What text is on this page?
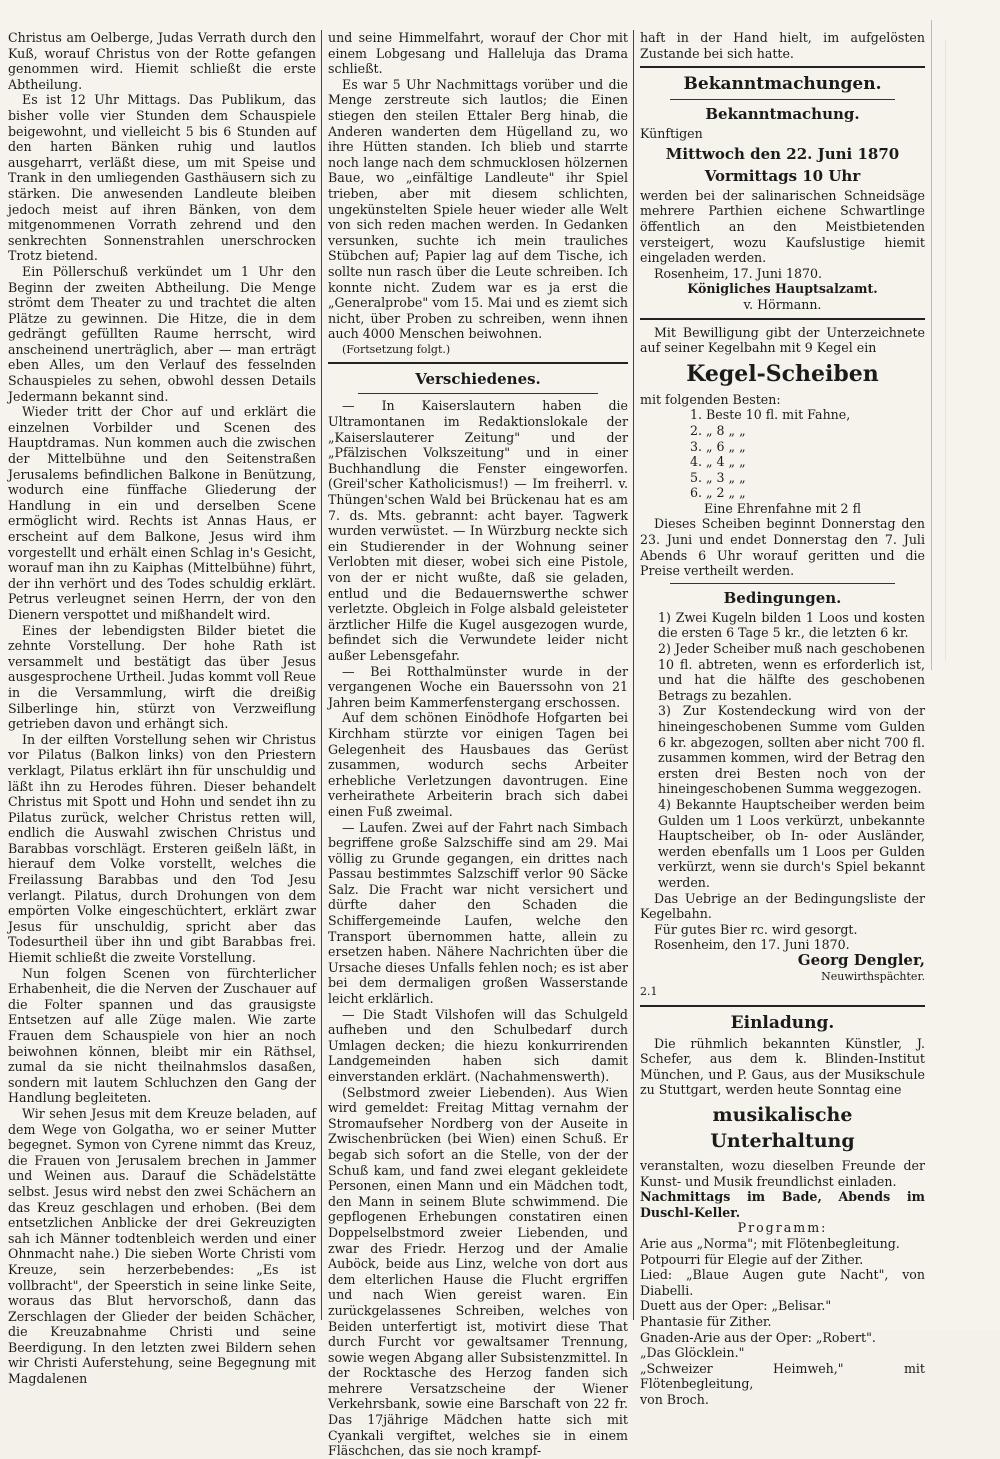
Christus am Oelberge, Judas Verrath durch den Kuß, worauf Christus von der Rotte gefangen genommen wird. Hiemit schließt die erste Abtheilung.

Es ist 12 Uhr Mittags. Das Publikum, das bisher volle vier Stunden dem Schauspiele beigewohnt, und vielleicht 5 bis 6 Stunden auf den harten Bänken ruhig und lautlos ausgeharrt, verläßt diese, um mit Speise und Trank in den umliegenden Gasthäusern sich zu stärken. Die anwesenden Landleute bleiben jedoch meist auf ihren Bänken, von dem mitgenommenen Vorrath zehrend und den senkrechten Sonnenstrahlen unerschrocken Trotz bietend.

Ein Pöllerschuß verkündet um 1 Uhr den Beginn der zweiten Abtheilung. Die Menge strömt dem Theater zu und trachtet die alten Plätze zu gewinnen. Die Hitze, die in dem gedrängt gefüllten Raume herrscht, wird anscheinend unerträglich, aber — man erträgt eben Alles, um den Verlauf des fesselnden Schauspieles zu sehen, obwohl dessen Details Jedermann bekannt sind.

Wieder tritt der Chor auf und erklärt die einzelnen Vorbilder und Scenen des Hauptdramas. Nun kommen auch die zwischen der Mittelbühne und den Seitenstraßen Jerusalems befindlichen Balkone in Benützung, wodurch eine fünffache Gliederung der Handlung in ein und derselben Scene ermöglicht wird. Rechts ist Annas Haus, er erscheint auf dem Balkone, Jesus wird ihm vorgestellt und erhält einen Schlag in's Gesicht, worauf man ihn zu Kaiphas (Mittelbühne) führt, der ihn verhört und des Todes schuldig erklärt. Petrus verleugnet seinen Herrn, der von den Dienern verspottet und mißhandelt wird.

Eines der lebendigsten Bilder bietet die zehnte Vorstellung. Der hohe Rath ist versammelt und bestätigt das über Jesus ausgesprochene Urtheil. Judas kommt voll Reue in die Versammlung, wirft die dreißig Silberlinge hin, stürzt von Verzweiflung getrieben davon und erhängt sich.

In der eilften Vorstellung sehen wir Christus vor Pilatus (Balkon links) von den Priestern verklagt, Pilatus erklärt ihn für unschuldig und läßt ihn zu Herodes führen. Dieser behandelt Christus mit Spott und Hohn und sendet ihn zu Pilatus zurück, welcher Christus retten will, endlich die Auswahl zwischen Christus und Barabbas vorschlägt. Ersteren geißeln läßt, in hierauf dem Volke vorstellt, welches die Freilassung Barabbas und den Tod Jesu verlangt. Pilatus, durch Drohungen von dem empörten Volke eingeschüchtert, erklärt zwar Jesus für unschuldig, spricht aber das Todesurtheil über ihn und gibt Barabbas frei. Hiemit schließt die zweite Vorstellung.

Nun folgen Scenen von fürchterlicher Erhabenheit, die die Nerven der Zuschauer auf die Folter spannen und das grausigste Entsetzen auf alle Züge malen. Wie zarte Frauen dem Schauspiele von hier an noch beiwohnen können, bleibt mir ein Räthsel, zumal da sie nicht theilnahmslos dasaßen, sondern mit lautem Schluchzen den Gang der Handlung begleiteten.

Wir sehen Jesus mit dem Kreuze beladen, auf dem Wege von Golgatha, wo er seiner Mutter begegnet. Symon von Cyrene nimmt das Kreuz, die Frauen von Jerusalem brechen in Jammer und Weinen aus. Darauf die Schädelstätte selbst. Jesus wird nebst den zwei Schächern an das Kreuz geschlagen und erhoben. (Bei dem entsetzlichen Anblicke der drei Gekreuzigten sah ich Männer todtenbleich werden und einer Ohnmacht nahe.) Die sieben Worte Christi vom Kreuze, sein herzerbebendes: „Es ist vollbracht", der Speerstich in seine linke Seite, woraus das Blut hervorschoß, dann das Zerschlagen der Glieder der beiden Schächer, die Kreuzabnahme Christi und seine Beerdigung. In den letzten zwei Bildern sehen wir Christi Auferstehung, seine Begegnung mit Magdalenen

und seine Himmelfahrt, worauf der Chor mit einem Lobgesang und Halleluja das Drama schließt.

Es war 5 Uhr Nachmittags vorüber und die Menge zerstreute sich lautlos; die Einen stiegen den steilen Ettaler Berg hinab, die Anderen wanderten dem Hügelland zu, wo ihre Hütten standen. Ich blieb und starrte noch lange nach dem schmucklosen hölzernen Baue, wo „einfältige Landleute" ihr Spiel trieben, aber mit diesem schlichten, ungekünstelten Spiele heuer wieder alle Welt von sich reden machen werden. In Gedanken versunken, suchte ich mein trauliches Stübchen auf; Papier lag auf dem Tische, ich sollte nun rasch über die Leute schreiben. Ich konnte nicht. Zudem war es ja erst die „Generalprobe" vom 15. Mai und es ziemt sich nicht, über Proben zu schreiben, wenn ihnen auch 4000 Menschen beiwohnen.

(Fortsetzung folgt.)

Verschiedenes.

— In Kaiserslautern haben die Ultramontanen im Redaktionslokale der „Kaiserslauterer Zeitung" und der „Pfälzischen Volkszeitung" und in einer Buchhandlung die Fenster eingeworfen. (Greil'scher Katholicismus!) — Im freiherrl. v. Thüngen'schen Wald bei Brückenau hat es am 7. ds. Mts. gebrannt: acht bayer. Tagwerk wurden verwüstet. — In Würzburg neckte sich ein Studierender in der Wohnung seiner Verlobten mit dieser, wobei sich eine Pistole, von der er nicht wußte, daß sie geladen, entlud und die Bedauernswerthe schwer verletzte. Obgleich in Folge alsbald geleisteter ärztlicher Hilfe die Kugel ausgezogen wurde, befindet sich die Verwundete leider nicht außer Lebensgefahr.

— Bei Rotthalmünster wurde in der vergangenen Woche ein Bauerssohn von 21 Jahren beim Kammerfenstergang erschossen.

Auf dem schönen Einödhofe Hofgarten bei Kirchham stürzte vor einigen Tagen bei Gelegenheit des Hausbaues das Gerüst zusammen, wodurch sechs Arbeiter erhebliche Verletzungen davontrugen. Eine verheirathete Arbeiterin brach sich dabei einen Fuß zweimal.

— Laufen. Zwei auf der Fahrt nach Simbach begriffene große Salzschiffe sind am 29. Mai völlig zu Grunde gegangen, ein drittes nach Passau bestimmtes Salzschiff verlor 90 Säcke Salz. Die Fracht war nicht versichert und dürfte daher den Schaden die Schiffergemeinde Laufen, welche den Transport übernommen hatte, allein zu ersetzen haben. Nähere Nachrichten über die Ursache dieses Unfalls fehlen noch; es ist aber bei dem dermaligen großen Wasserstande leicht erklärlich.

— Die Stadt Vilshofen will das Schulgeld aufheben und den Schulbedarf durch Umlagen decken; die hiezu konkurrirenden Landgemeinden haben sich damit einverstanden erklärt. (Nachahmenswerth).

(Selbstmord zweier Liebenden). Aus Wien wird gemeldet: Freitag Mittag vernahm der Stromaufseher Nordberg von der Auseite in Zwischenbrücken (bei Wien) einen Schuß. Er begab sich sofort an die Stelle, von der der Schuß kam, und fand zwei elegant gekleidete Personen, einen Mann und ein Mädchen todt, den Mann in seinem Blute schwimmend. Die gepflogenen Erhebungen constatiren einen Doppelselbstmord zweier Liebenden, und zwar des Friedr. Herzog und der Amalie Auböck, beide aus Linz, welche von dort aus dem elterlichen Hause die Flucht ergriffen und nach Wien gereist waren. Ein zurückgelassenes Schreiben, welches von Beiden unterfertigt ist, motivirt diese That durch Furcht vor gewaltsamer Trennung, sowie wegen Abgang aller Subsistenzmittel. In der Rocktasche des Herzog fanden sich mehrere Versatzscheine der Wiener Verkehrsbank, sowie eine Barschaft von 22 fr. Das 17jährige Mädchen hatte sich mit Cyankali vergiftet, welches sie in einem Fläschchen, das sie noch krampf-

haft in der Hand hielt, im aufgelösten Zustande bei sich hatte.

Bekanntmachungen.
Bekanntmachung.

Künftigen

Mittwoch den 22. Juni 1870
Vormittags 10 Uhr

werden bei der salinarischen Schneidsäge mehrere Parthien eichene Schwartlinge öffentlich an den Meistbietenden versteigert, wozu Kaufslustige hiemit eingeladen werden.

Rosenheim, 17. Juni 1870.

Königliches Hauptsalzamt.
v. Hörmann.

Mit Bewilligung gibt der Unterzeichnete auf seiner Kegelbahn mit 9 Kegel ein

Kegel-Scheiben

mit folgenden Besten:

1. Beste 10 fl. mit Fahne,
2. „ 8 „ „
3. „ 6 „ „
4. „ 4 „ „
5. „ 3 „ „
6. „ 2 „ „
Eine Ehrenfahne mit 2 fl

Dieses Scheiben beginnt Donnerstag den 23. Juni und endet Donnerstag den 7. Juli Abends 6 Uhr worauf geritten und die Preise vertheilt werden.

Bedingungen.

1) Zwei Kugeln bilden 1 Loos und kosten die ersten 6 Tage 5 kr., die letzten 6 kr.

2) Jeder Scheiber muß nach geschobenen 10 fl. abtreten, wenn es erforderlich ist, und hat die hälfte des geschobenen Betrags zu bezahlen.

3) Zur Kostendeckung wird von der hineingeschobenen Summe vom Gulden 6 kr. abgezogen, sollten aber nicht 700 fl. zusammen kommen, wird der Betrag den ersten drei Besten noch von der hineingeschobenen Summa weggezogen.

4) Bekannte Hauptscheiber werden beim Gulden um 1 Loos verkürzt, unbekannte Hauptscheiber, ob In- oder Ausländer, werden ebenfalls um 1 Loos per Gulden verkürzt, wenn sie durch's Spiel bekannt werden.

Das Uebrige an der Bedingungsliste der Kegelbahn.

Für gutes Bier rc. wird gesorgt.

Rosenheim, den 17. Juni 1870.

Georg Dengler,
Neuwirthspächter.
2.1
Einladung.

Die rühmlich bekannten Künstler, J. Schefer, aus dem k. Blinden-Institut München, und P. Gaus, aus der Musikschule zu Stuttgart, werden heute Sonntag eine

musikalische Unterhaltung

veranstalten, wozu dieselben Freunde der Kunst- und Musik freundlichst einladen.

Nachmittags im Bade, Abends im Duschl-Keller.

Programm:

Arie aus „Norma"; mit Flötenbegleitung.

Potpourri für Elegie auf der Zither.

Lied: „Blaue Augen gute Nacht", von Diabelli.

Duett aus der Oper: „Belisar."

Phantasie für Zither.

Gnaden-Arie aus der Oper: „Robert".

„Das Glöcklein."

„Schweizer Heimweh," mit Flötenbegleitung,

von Broch.
